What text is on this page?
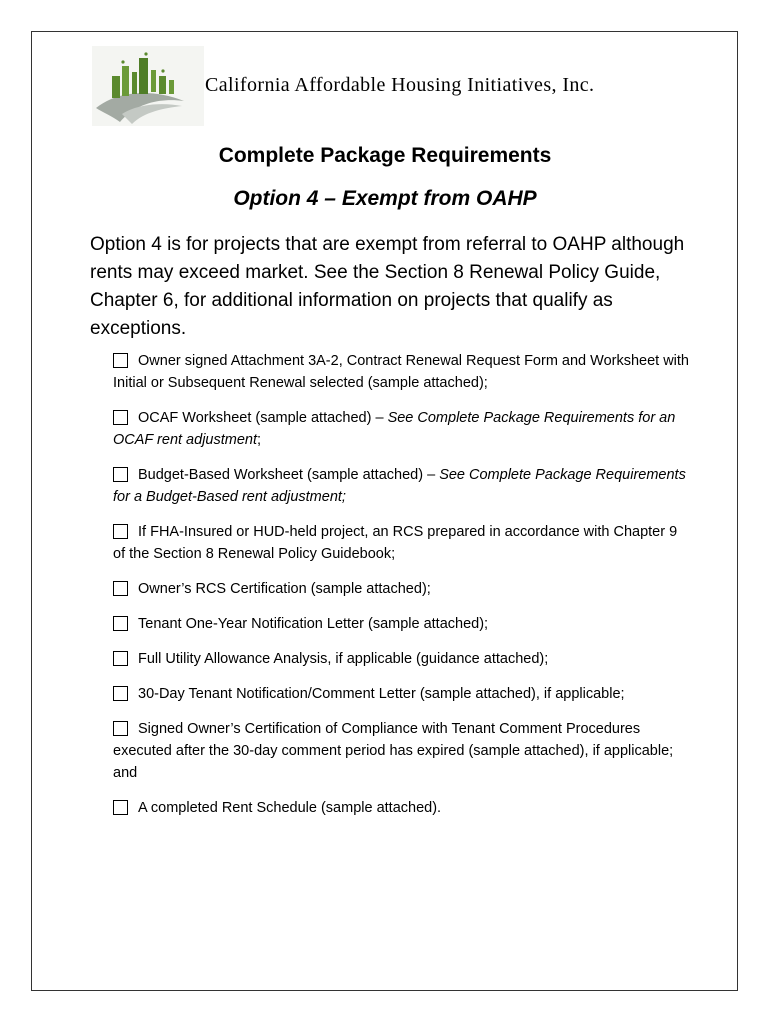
California Affordable Housing Initiatives, Inc.
Complete Package Requirements
Option 4 – Exempt from OAHP
Option 4 is for projects that are exempt from referral to OAHP although rents may exceed market. See the Section 8 Renewal Policy Guide, Chapter 6, for additional information on projects that qualify as exceptions.
Owner signed Attachment 3A-2, Contract Renewal Request Form and Worksheet with Initial or Subsequent Renewal selected (sample attached);
OCAF Worksheet (sample attached) – See Complete Package Requirements for an OCAF rent adjustment;
Budget-Based Worksheet (sample attached) – See Complete Package Requirements for a Budget-Based rent adjustment;
If FHA-Insured or HUD-held project, an RCS prepared in accordance with Chapter 9 of the Section 8 Renewal Policy Guidebook;
Owner’s RCS Certification (sample attached);
Tenant One-Year Notification Letter (sample attached);
Full Utility Allowance Analysis, if applicable (guidance attached);
30-Day Tenant Notification/Comment Letter (sample attached), if applicable;
Signed Owner’s Certification of Compliance with Tenant Comment Procedures executed after the 30-day comment period has expired (sample attached), if applicable; and
A completed Rent Schedule (sample attached).
